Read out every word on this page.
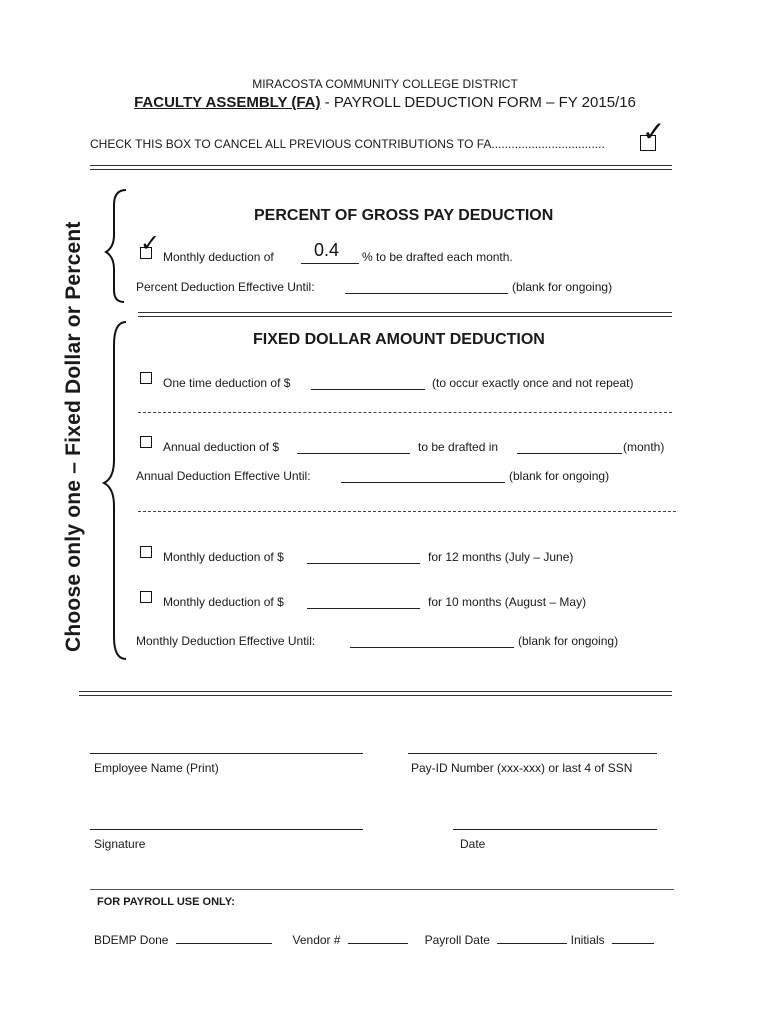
MIRACOSTA COMMUNITY COLLEGE DISTRICT
FACULTY ASSEMBLY (FA) - PAYROLL DEDUCTION FORM – FY 2015/16
CHECK THIS BOX TO CANCEL ALL PREVIOUS CONTRIBUTIONS TO FA.................................. ✓
Choose only one – Fixed Dollar or Percent
PERCENT OF GROSS PAY DEDUCTION
✓ Monthly deduction of 0.4 % to be drafted each month.
Percent Deduction Effective Until:	(blank for ongoing)
FIXED DOLLAR AMOUNT DEDUCTION
One time deduction of $	(to occur exactly once and not repeat)
Annual deduction of $	to be drafted in	(month)
Annual Deduction Effective Until:	(blank for ongoing)
Monthly deduction of $	for 12 months (July – June)
Monthly deduction of $	for 10 months (August – May)
Monthly Deduction Effective Until:	(blank for ongoing)
Employee Name (Print)	Pay-ID Number (xxx-xxx) or last 4 of SSN
Signature	Date
FOR PAYROLL USE ONLY:
BDEMP Done	Vendor #	Payroll Date	Initials
